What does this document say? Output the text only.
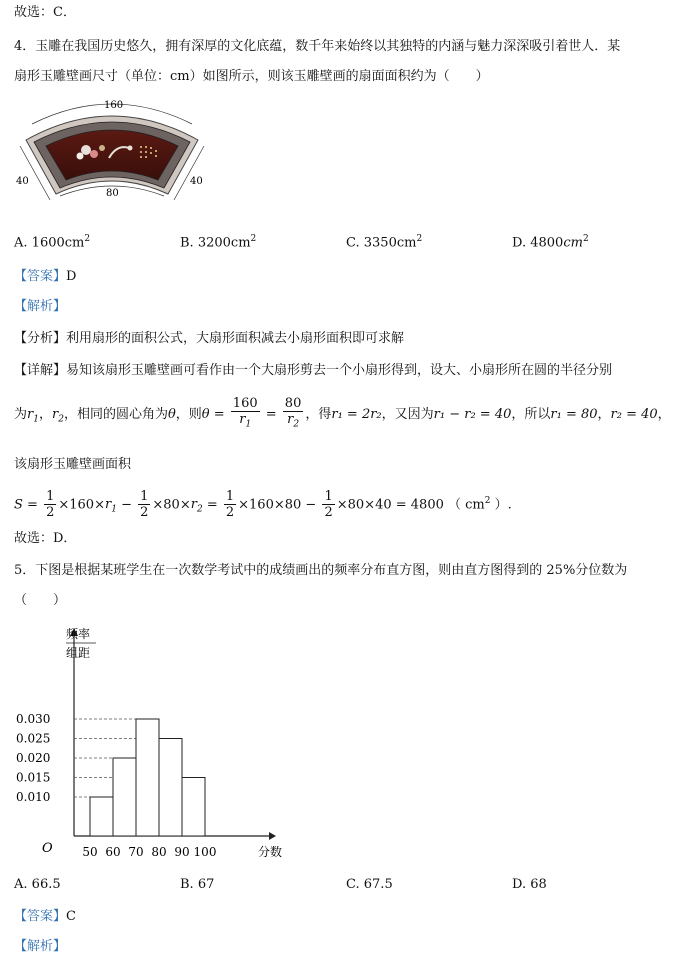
故选：C．
4．玉雕在我国历史悠久，拥有深厚的文化底蕴，数千年来始终以其独特的内涵与魅力深深吸引着世人．某
扇形玉雕壁画尺寸（单位：cm）如图所示，则该玉雕壁画的扇面面积约为（　　）
160
40	40
80
A. $1600cm^2$	B. $3200cm^2$	C. $3350cm^2$	D. $4800cm^2$
【答案】D
【解析】
【分析】利用扇形的面积公式，大扇形面积减去小扇形面积即可求解
【详解】易知该扇形玉雕壁画可看作由一个大扇形剪去一个小扇形得到，设大、小扇形所在圆的半径分别
为$r_1$，$r_2$，相同的圆心角为θ，则$\theta = \frac{160}{r_1} = \frac{80}{r_2}$ ，得r₁ = 2r₂，又因为r₁ − r₂ = 40，所以r₁ = 80，r₂ = 40，
该扇形玉雕壁画面积
$S = \frac{1}{2} \times 160\times r_1 - \frac{1}{2} \times 80\times r_2 = \frac{1}{2} \times 160\times 80 - \frac{1}{2} \times 80\times 40 = 4800$ （ $cm^2$ ）.
故选：D．
5．下图是根据某班学生在一次数学考试中的成绩画出的频率分布直方图，则由直方图得到的 25%分位数为
（　　）
频率
组距
O
0.010
0.015
0.020
0.025
0.030
50 60 70 80 90 100	分数
A. 66.5	B. 67	C. 67.5	D. 68
【答案】C
【解析】
